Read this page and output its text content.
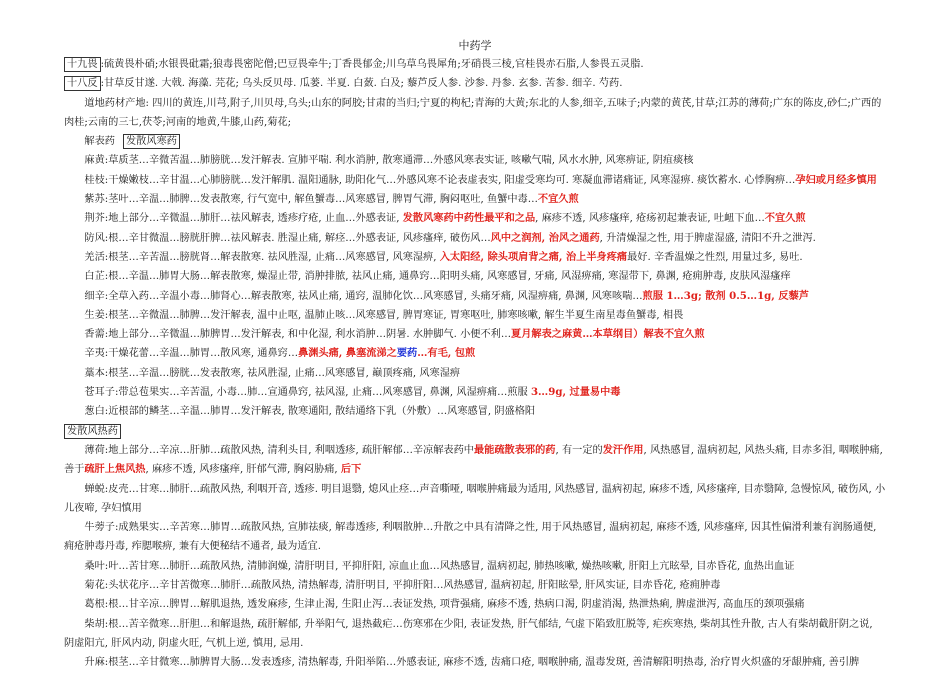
中药学
十九畏 :硫黄畏朴硝;水银畏砒霜;狼毒畏密陀僧;巴豆畏牵牛;丁香畏郁金;川乌草乌畏犀角;牙硝畏三棱,官桂畏赤石脂,人参畏五灵脂.
十八反 :甘草反甘遂. 大戟. 海藻. 芫花; 乌头反贝母. 瓜蒌. 半夏. 白蔹. 白及; 藜芦反人参. 沙参. 丹参. 玄参. 苦参. 细辛. 芍药.
道地药材产地: 四川的黄连,川芎,附子,川贝母,乌头;山东的阿胶;甘肃的当归;宁夏的枸杞;青海的大黄;东北的人参,细辛,五味子;内蒙的黄芪,甘草;江苏的薄荷;广东的陈皮,砂仁;广西的肉桂;云南的三七,茯苓;河南的地黄,牛膝,山药,菊花;
解表药 发散风寒药
麻黄:草质茎…辛微苦温…肺膀胱…发汗解表. 宣肺平喘. 利水消肿, 散寒通滞…外感风寒表实证, 咳嗽气喘, 风水水肿, 风寒痹证, 阴疽痰核
桂枝:干燥嫩枝…辛甘温…心肺膀胱…发汗解肌. 温阳通脉, 助阳化气…外感风寒不论表虚表实, 阳虚受寒均可. 寒凝血滞诸痛证, 风寒湿痹. 痰饮蓄水. 心悸胸痹…孕妇或月经多慎用
紫苏:茎叶…辛温…肺脾…发表散寒, 行气宽中, 解鱼蟹毒…风寒感冒, 脾胃气滞, 胸闷呕吐, 鱼蟹中毒…不宜久煎
荆芥:地上部分…辛微温…肺肝…祛风解表, 透疹疗疮, 止血…外感表证, 发散风寒药中药性最平和之品, 麻疹不透, 风疹瘙痒, 疮疡初起兼表证, 吐衄下血…不宜久煎
防风:根…辛甘微温…膀胱肝脾…祛风解表. 胜湿止痛, 解痉…外感表证, 风疹瘙痒, 破伤风…风中之润剂, 治风之通药, 升清燥湿之性, 用于脾虚湿盛, 清阳不升之泄泻.
羌活:根茎…辛苦温…膀胱肾…解表散寒. 祛风胜湿, 止痛…风寒感冒, 风寒湿痹, 入太阳经, 除头项肩背之痛, 治上半身疼痛最好. 辛香温燥之性烈, 用量过多, 易吐.
白芷:根…辛温…肺胃大肠…解表散寒, 燥湿止带, 消肿排脓, 祛风止痛, 通鼻窍…阳明头痛, 风寒感冒, 牙痛, 风湿痹痛, 寒湿带下, 鼻渊, 疮痈肿毒, 皮肤风湿瘙痒
细辛:全草入药…辛温小毒…肺肾心…解表散寒, 祛风止痛, 通窍, 温肺化饮…风寒感冒, 头痛牙痛, 风湿痹痛, 鼻渊, 风寒咳喘…煎服 1…3g; 散剂 0.5…1g, 反藜芦
生姜:根茎…辛微温…肺脾…发汗解表, 温中止呕, 温肺止咳…风寒感冒, 脾胃寒证, 胃寒呕吐, 肺寒咳嗽, 解生半夏生南星毒鱼蟹毒, 相畏
香薷:地上部分…辛微温…肺脾胃…发汗解表, 和中化湿, 利水消肿…阴暑. 水肿脚气. 小便不利…夏月解表之麻黄…本草纲目）解表不宜久煎
辛夷:干燥花蕾…辛温…肺胃…散风寒, 通鼻窍…鼻渊头痛, 鼻塞流涕之要药…有毛, 包煎
藁本:根茎…辛温…膀胱…发表散寒, 祛风胜湿, 止痛…风寒感冒, 巅顶疼痛, 风寒湿痹
苍耳子:带总苞果实…辛苦温, 小毒…肺…宣通鼻窍, 祛风湿, 止痛…风寒感冒, 鼻渊, 风湿痹痛…煎服 3…9g, 过量易中毒
葱白:近根部的鳞茎…辛温…肺胃…发汗解表, 散寒通阳, 散结通络下乳（外敷）…风寒感冒, 阴盛格阳
发散风热药
薄荷:地上部分…辛凉…肝肺…疏散风热, 清利头目, 利咽透疹, 疏肝解郁…辛凉解表药中最能疏散表邪的药, 有一定的发汗作用, 风热感冒, 温病初起, 风热头痛, 目赤多泪, 咽喉肿痛, 善于疏肝上焦风热, 麻疹不透, 风疹瘙痒, 肝郁气滞, 胸闷胁痛, 后下
蝉蜕:皮壳…甘寒…肺肝…疏散风热, 利咽开音, 透疹. 明目退翳, 熄风止痉…声音嘶哑, 咽喉肿痛最为适用, 风热感冒, 温病初起, 麻疹不透, 风疹瘙痒, 目赤翳障, 急慢惊风, 破伤风, 小儿夜啼, 孕妇慎用
牛蒡子:成熟果实…辛苦寒…肺胃…疏散风热, 宣肺祛痰, 解毒透疹, 利咽散肿…升散之中具有清降之性, 用于风热感冒, 温病初起, 麻疹不透, 风疹瘙痒, 因其性偏滑利兼有润肠通便, 痈疮肿毒丹毒, 痄腮喉痹, 兼有大便秘结不通者, 最为适宜.
桑叶:叶…苦甘寒…肺肝…疏散风热, 清肺润燥, 清肝明目, 平抑肝阳, 凉血止血…风热感冒, 温病初起, 肺热咳嗽, 燥热咳嗽, 肝阳上亢眩晕, 目赤昏花, 血热出血证
菊花:头状花序…辛甘苦微寒…肺肝…疏散风热, 清热解毒, 清肝明目, 平抑肝阳…风热感冒, 温病初起, 肝阳眩晕, 肝风实证, 目赤昏花, 疮痈肿毒
葛根:根…甘辛凉…脾胃…解肌退热, 透发麻疹, 生津止渴, 生阳止泻…表证发热, 项背强痛, 麻疹不透, 热病口渴, 阴虚消渴, 热泄热痢, 脾虚泄泻, 高血压的颈项强痛
柴胡:根…苦辛微寒…肝胆…和解退热, 疏肝解郁, 升举阳气, 退热截疟…伤寒邪在少阳, 表证发热, 肝气郁结, 气虚下陷致肛脱等, 疟疾寒热, 柴胡其性升散, 古人有柴胡截肝阴之说, 阴虚阳亢, 肝风内动, 阴虚火旺, 气机上逆, 慎用, 忌用.
升麻:根茎…辛甘微寒…肺脾胃大肠…发表透疹, 清热解毒, 升阳举陷…外感表证, 麻疹不透, 齿痛口疮, 咽喉肿痛, 温毒发斑, 善清解阳明热毒, 治疗胃火炽盛的牙龈肿痛, 善引脾
